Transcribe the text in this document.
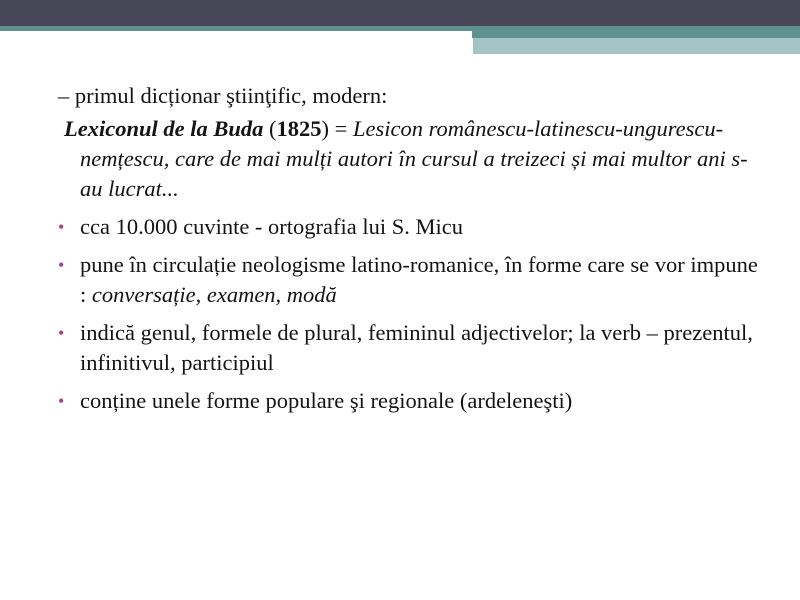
– primul dicționar ştiinţific, modern:

Lexiconul de la Buda (1825) = Lesicon românescu-latinescu-ungurescu-nemțescu, care de mai mulți autori în cursul a treizeci și mai multor ani s-au lucrat...

• cca 10.000 cuvinte - ortografia lui S. Micu
• pune în circulație neologisme latino-romanice, în forme care se vor impune : conversație, examen, modă
• indică genul, formele de plural, femininul adjectivelor; la verb – prezentul, infinitivul, participiul
• conține unele forme populare şi regionale (ardeleneşti)
